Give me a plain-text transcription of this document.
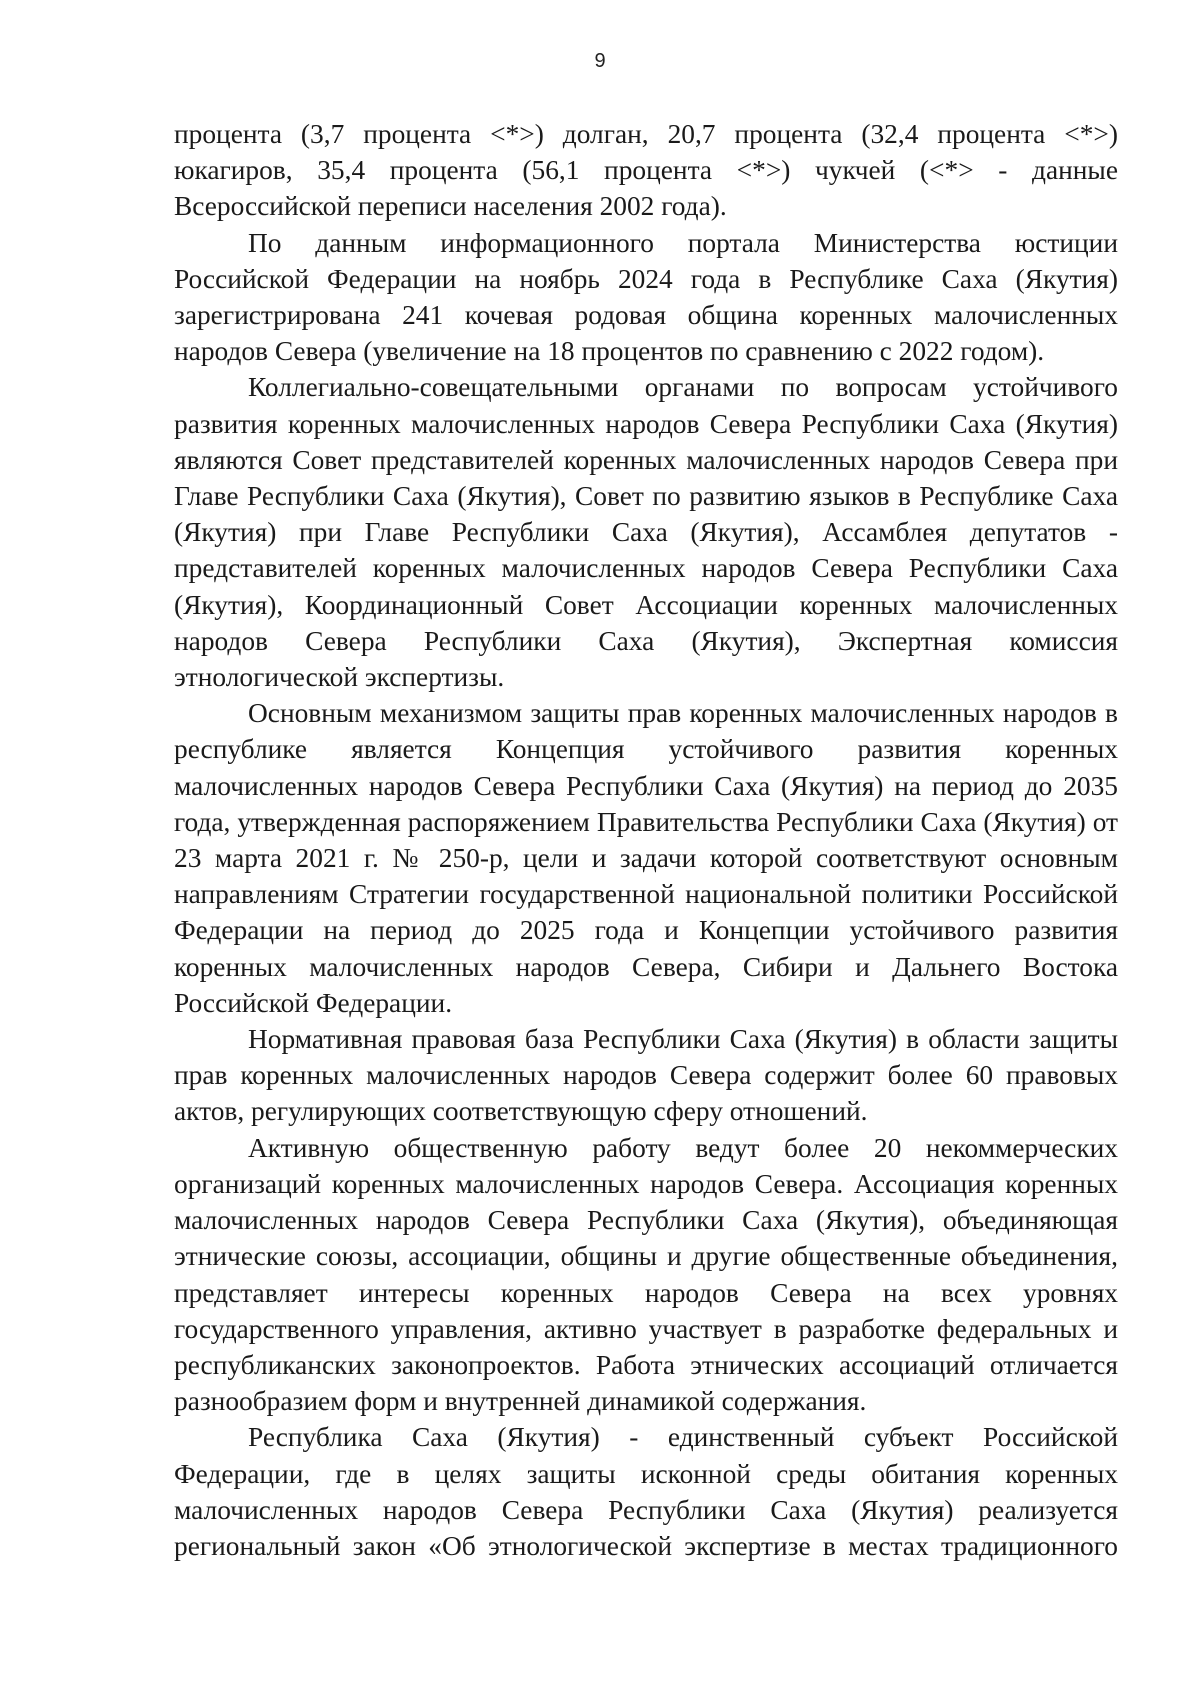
9

процента (3,7 процента <*>) долган, 20,7 процента (32,4 процента <*>) юкагиров, 35,4 процента (56,1 процента <*>) чукчей (<*> - данные Всероссийской переписи населения 2002 года).

По данным информационного портала Министерства юстиции Российской Федерации на ноябрь 2024 года в Республике Саха (Якутия) зарегистрирована 241 кочевая родовая община коренных малочисленных народов Севера (увеличение на 18 процентов по сравнению с 2022 годом).

Коллегиально-совещательными органами по вопросам устойчивого развития коренных малочисленных народов Севера Республики Саха (Якутия) являются Совет представителей коренных малочисленных народов Севера при Главе Республики Саха (Якутия), Совет по развитию языков в Республике Саха (Якутия) при Главе Республики Саха (Якутия), Ассамблея депутатов - представителей коренных малочисленных народов Севера Республики Саха (Якутия), Координационный Совет Ассоциации коренных малочисленных народов Севера Республики Саха (Якутия), Экспертная комиссия этнологической экспертизы.

Основным механизмом защиты прав коренных малочисленных народов в республике является Концепция устойчивого развития коренных малочисленных народов Севера Республики Саха (Якутия) на период до 2035 года, утвержденная распоряжением Правительства Республики Саха (Якутия) от 23 марта 2021 г. № 250-р, цели и задачи которой соответствуют основным направлениям Стратегии государственной национальной политики Российской Федерации на период до 2025 года и Концепции устойчивого развития коренных малочисленных народов Севера, Сибири и Дальнего Востока Российской Федерации.

Нормативная правовая база Республики Саха (Якутия) в области защиты прав коренных малочисленных народов Севера содержит более 60 правовых актов, регулирующих соответствующую сферу отношений.

Активную общественную работу ведут более 20 некоммерческих организаций коренных малочисленных народов Севера. Ассоциация коренных малочисленных народов Севера Республики Саха (Якутия), объединяющая этнические союзы, ассоциации, общины и другие общественные объединения, представляет интересы коренных народов Севера на всех уровнях государственного управления, активно участвует в разработке федеральных и республиканских законопроектов. Работа этнических ассоциаций отличается разнообразием форм и внутренней динамикой содержания.

Республика Саха (Якутия) - единственный субъект Российской Федерации, где в целях защиты исконной среды обитания коренных малочисленных народов Севера Республики Саха (Якутия) реализуется региональный закон «Об этнологической экспертизе в местах традиционного
